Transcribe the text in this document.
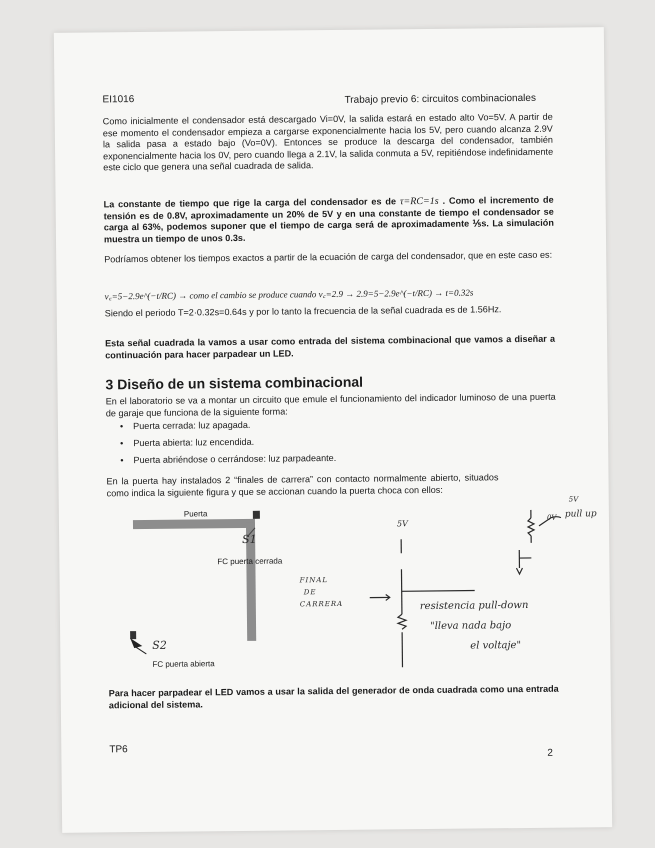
EI1016	Trabajo previo 6: circuitos combinacionales
Como inicialmente el condensador está descargado Vi=0V, la salida estará en estado alto Vo=5V. A partir de ese momento el condensador empieza a cargarse exponencialmente hacia los 5V, pero cuando alcanza 2.9V la salida pasa a estado bajo (Vo=0V). Entonces se produce la descarga del condensador, también exponencialmente hacia los 0V, pero cuando llega a 2.1V, la salida conmuta a 5V, repitiéndose indefinidamente este ciclo que genera una señal cuadrada de salida.
La constante de tiempo que rige la carga del condensador es de τ=RC=1s . Como el incremento de tensión es de 0.8V, aproximadamente un 20% de 5V y en una constante de tiempo el condensador se carga al 63%, podemos suponer que el tiempo de carga será de aproximadamente ⅕s. La simulación muestra un tiempo de unos 0.3s.
Podríamos obtener los tiempos exactos a partir de la ecuación de carga del condensador, que en este caso es:
v꜀=5−2.9e^(−t/RC) → como el cambio se produce cuando v꜀=2.9 → 2.9=5−2.9e^(−t/RC) → t=0.32s
Siendo el periodo T=2·0.32s=0.64s y por lo tanto la frecuencia de la señal cuadrada es de 1.56Hz.
Esta señal cuadrada la vamos a usar como entrada del sistema combinacional que vamos a diseñar a continuación para hacer parpadear un LED.
3 Diseño de un sistema combinacional
En el laboratorio se va a montar un circuito que emule el funcionamiento del indicador luminoso de una puerta de garaje que funciona de la siguiente forma:
• Puerta cerrada: luz apagada.
• Puerta abierta: luz encendida.
• Puerta abriéndose o cerrándose: luz parpadeante.
En la puerta hay instalados 2 “finales de carrera” con contacto normalmente abierto, situados como indica la siguiente figura y que se accionan cuando la puerta choca con ellos:
Puerta
S1
FC puerta cerrada
S2
FC puerta abierta
5V
0V pull up
5V
FINAL
DE
CARRERA	resistencia pull-down
"lleva nada bajo
el voltaje"
Para hacer parpadear el LED vamos a usar la salida del generador de onda cuadrada como una entrada adicional del sistema.
TP6	2
